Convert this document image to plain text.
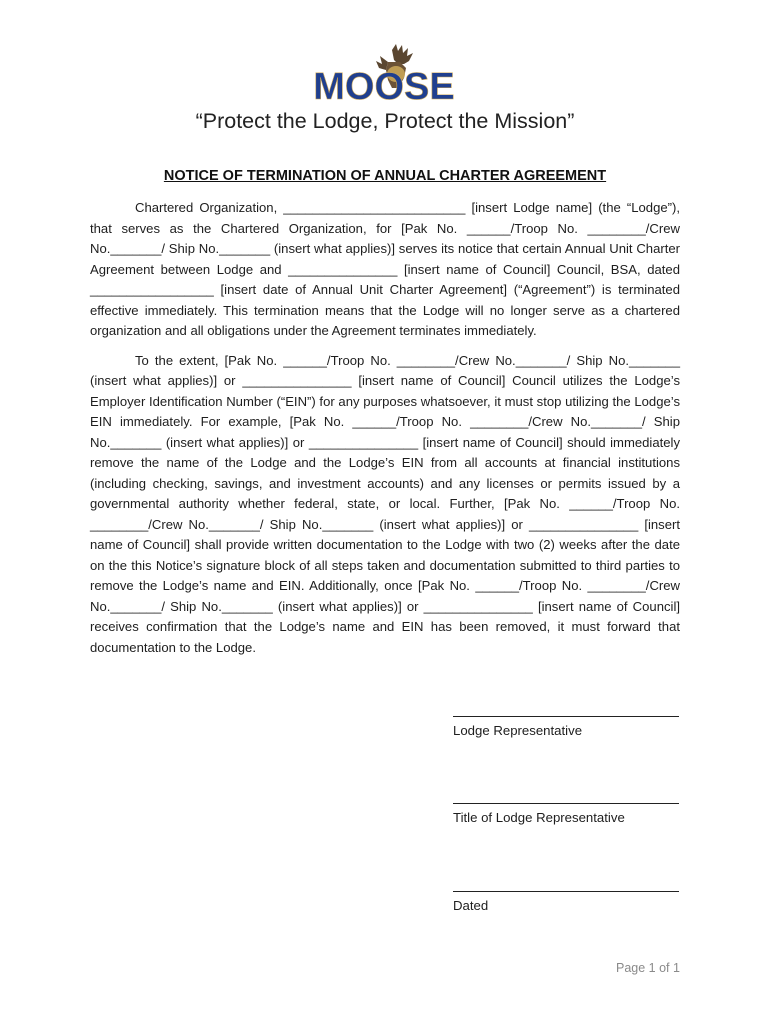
MOOSE
“Protect the Lodge, Protect the Mission”
NOTICE OF TERMINATION OF ANNUAL CHARTER AGREEMENT

Chartered Organization, _________________________ [insert Lodge name] (the “Lodge”), that serves as the Chartered Organization, for [Pak No. ______/Troop No. ________/Crew No._______/ Ship No._______ (insert what applies)] serves its notice that certain Annual Unit Charter Agreement between Lodge and _______________ [insert name of Council] Council, BSA, dated _________________ [insert date of Annual Unit Charter Agreement] (“Agreement”) is terminated effective immediately. This termination means that the Lodge will no longer serve as a chartered organization and all obligations under the Agreement terminates immediately.

To the extent, [Pak No. ______/Troop No. ________/Crew No._______/ Ship No._______ (insert what applies)] or _______________ [insert name of Council] Council utilizes the Lodge’s Employer Identification Number (“EIN”) for any purposes whatsoever, it must stop utilizing the Lodge’s EIN immediately. For example, [Pak No. ______/Troop No. ________/Crew No._______/ Ship No._______ (insert what applies)] or _______________ [insert name of Council] should immediately remove the name of the Lodge and the Lodge’s EIN from all accounts at financial institutions (including checking, savings, and investment accounts) and any licenses or permits issued by a governmental authority whether federal, state, or local. Further, [Pak No. ______/Troop No. ________/Crew No._______/ Ship No._______ (insert what applies)] or _______________ [insert name of Council] shall provide written documentation to the Lodge with two (2) weeks after the date on the this Notice’s signature block of all steps taken and documentation submitted to third parties to remove the Lodge’s name and EIN. Additionally, once [Pak No. ______/Troop No. ________/Crew No._______/ Ship No._______ (insert what applies)] or _______________ [insert name of Council] receives confirmation that the Lodge’s name and EIN has been removed, it must forward that documentation to the Lodge.

Lodge Representative
Title of Lodge Representative
Dated
Page 1 of 1
